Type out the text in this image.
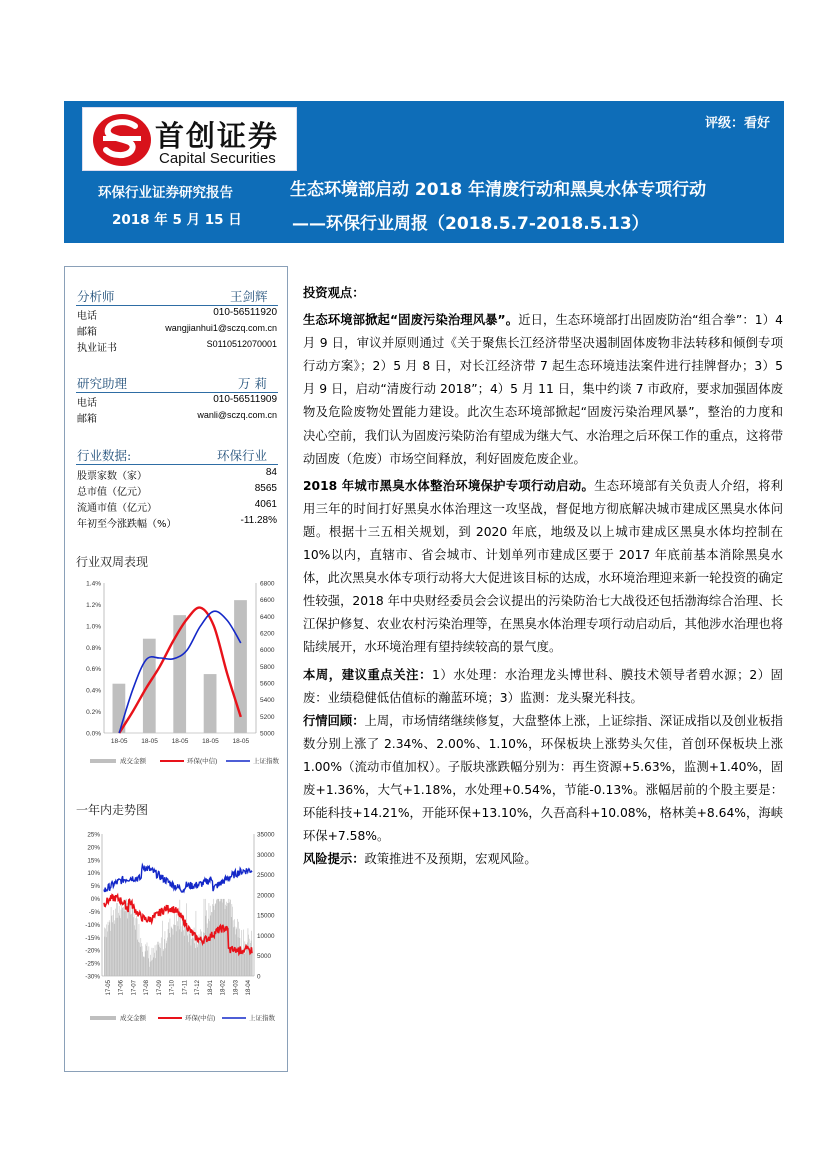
首创证券
Capital Securities
评级：看好
环保行业证券研究报告
2018 年 5 月 15 日
生态环境部启动 2018 年清废行动和黑臭水体专项行动
——环保行业周报（2018.5.7-2018.5.13）
分析师	王剑辉
电话	010-56511920
邮箱	wangjianhui1@sczq.com.cn
执业证书	S0110512070001
研究助理	万 莉
电话	010-56511909
邮箱	wanli@sczq.com.cn
行业数据:	环保行业
股票家数（家）	84
总市值（亿元）	8565
流通市值（亿元）	4061
年初至今涨跌幅（%）	-11.28%
行业双周表现
1.4%
1.2%
1.0%
0.8%
0.6%
0.4%
0.2%
0.0%
6800
6600
6400
6200
6000
5800
5600
5400
5200
5000
18-05 18-05 18-05 18-05 18-05
成交金额	环保(中信)	上证指数
一年内走势图
25%
20%
15%
10%
5%
0%
-5%
-10%
-15%
-20%
-25%
-30%
35000
30000
25000
20000
15000
10000
5000
0
17-05 17-06 17-07 17-08 17-09 17-10 17-11 17-12 18-01 18-02 18-03 18-04
成交金额	环保(中信)	上证指数

投资观点：

生态环境部掀起“固废污染治理风暴”。近日，生态环境部打出固废防治“组合拳”：1）4 月 9 日，审议并原则通过《关于聚焦长江经济带坚决遏制固体废物非法转移和倾倒专项行动方案》；2）5 月 8 日，对长江经济带 7 起生态环境违法案件进行挂牌督办；3）5 月 9 日，启动“清废行动 2018”；4）5 月 11 日，集中约谈 7 市政府，要求加强固体废物及危险废物处置能力建设。此次生态环境部掀起“固废污染治理风暴”，整治的力度和决心空前，我们认为固废污染防治有望成为继大气、水治理之后环保工作的重点，这将带动固废（危废）市场空间释放，利好固废危废企业。

2018 年城市黑臭水体整治环境保护专项行动启动。生态环境部有关负责人介绍，将利用三年的时间打好黑臭水体治理这一攻坚战，督促地方彻底解决城市建成区黑臭水体问题。根据十三五相关规划，到 2020 年底，地级及以上城市建成区黑臭水体均控制在 10%以内，直辖市、省会城市、计划单列市建成区要于 2017 年底前基本消除黑臭水体，此次黑臭水体专项行动将大大促进该目标的达成，水环境治理迎来新一轮投资的确定性较强，2018 年中央财经委员会会议提出的污染防治七大战役还包括渤海综合治理、长江保护修复、农业农村污染治理等，在黑臭水体治理专项行动启动后，其他涉水治理也将陆续展开，水环境治理有望持续较高的景气度。

本周，建议重点关注：1）水处理：水治理龙头博世科、膜技术领导者碧水源；2）固废：业绩稳健低估值标的瀚蓝环境；3）监测：龙头聚光科技。

行情回顾：上周，市场情绪继续修复，大盘整体上涨，上证综指、深证成指以及创业板指数分别上涨了 2.34%、2.00%、1.10%，环保板块上涨势头欠佳，首创环保板块上涨 1.00%（流动市值加权）。子版块涨跌幅分别为：再生资源+5.63%，监测+1.40%，固废+1.36%，大气+1.18%，水处理+0.54%，节能-0.13%。涨幅居前的个股主要是：环能科技+14.21%，开能环保+13.10%，久吾高科+10.08%，格林美+8.64%，海峡环保+7.58%。

风险提示：政策推进不及预期，宏观风险。
